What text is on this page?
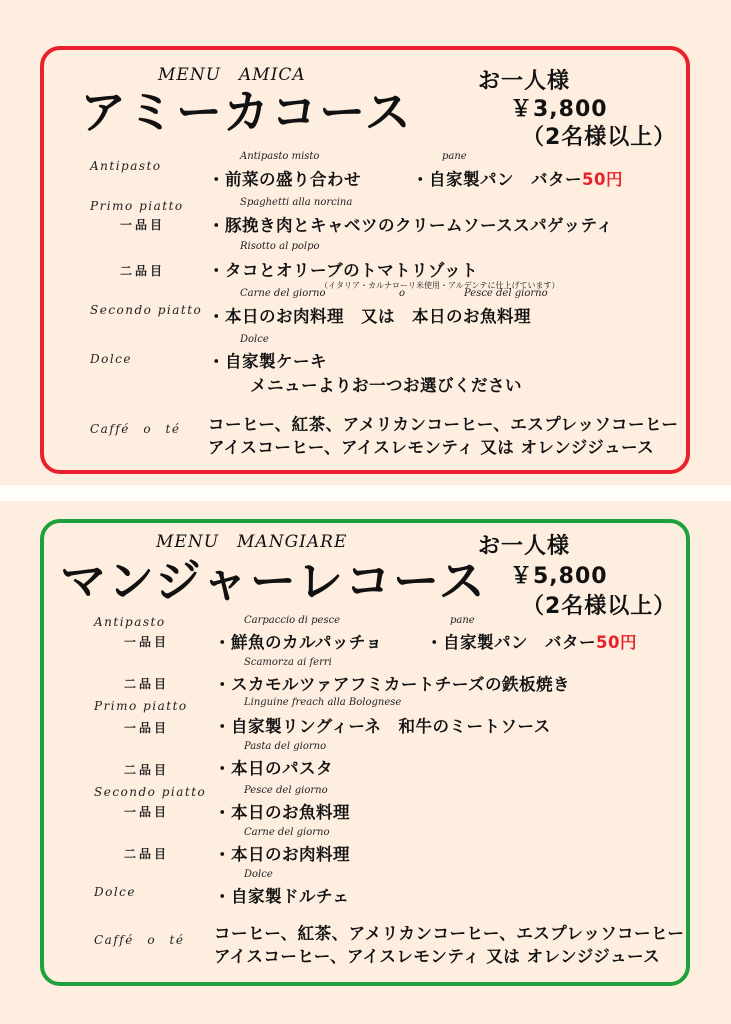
MENU　AMICA
アミーカコース
お一人様
￥3,800
（2名様以上）
Antipasto
Antipasto misto
・前菜の盛り合わせ
pane
・自家製パン　バター50円
Primo piatto
一品目
Spaghetti alla norcina
・豚挽き肉とキャベツのクリームソーススパゲッティ
二品目
Risotto al polpo
・タコとオリーブのトマトリゾット
（イタリア・カルナローリ米使用・アルデンテに仕上げています）
Secondo piatto
Carne del giorno	o	Pesce del giorno
・本日のお肉料理　又は　本日のお魚料理
Dolce
Dolce
・自家製ケーキ
メニューよりお一つお選びください
Caffé　o　té コーヒー、紅茶、アメリカンコーヒー、エスプレッソコーヒー
アイスコーヒー、アイスレモンティ 又は オレンジジュース
MENU　MANGIARE
マンジャーレコース
お一人様
￥5,800
（2名様以上）
Antipasto
一品目
Carpaccio di pesce
・鮮魚のカルパッチョ
pane
・自家製パン　バター50円
二品目
Scamorza ai ferri
・スカモルツァアフミカートチーズの鉄板焼き
Primo piatto
一品目
Linguine freach alla Bolognese
・自家製リングィーネ　和牛のミートソース
二品目
Pasta del giorno
・本日のパスタ
Secondo piatto
一品目
Pesce del giorno
・本日のお魚料理
二品目
Carne del giorno
・本日のお肉料理
Dolce
Dolce
・自家製ドルチェ
Caffé　o　té コーヒー、紅茶、アメリカンコーヒー、エスプレッソコーヒー
アイスコーヒー、アイスレモンティ 又は オレンジジュース
